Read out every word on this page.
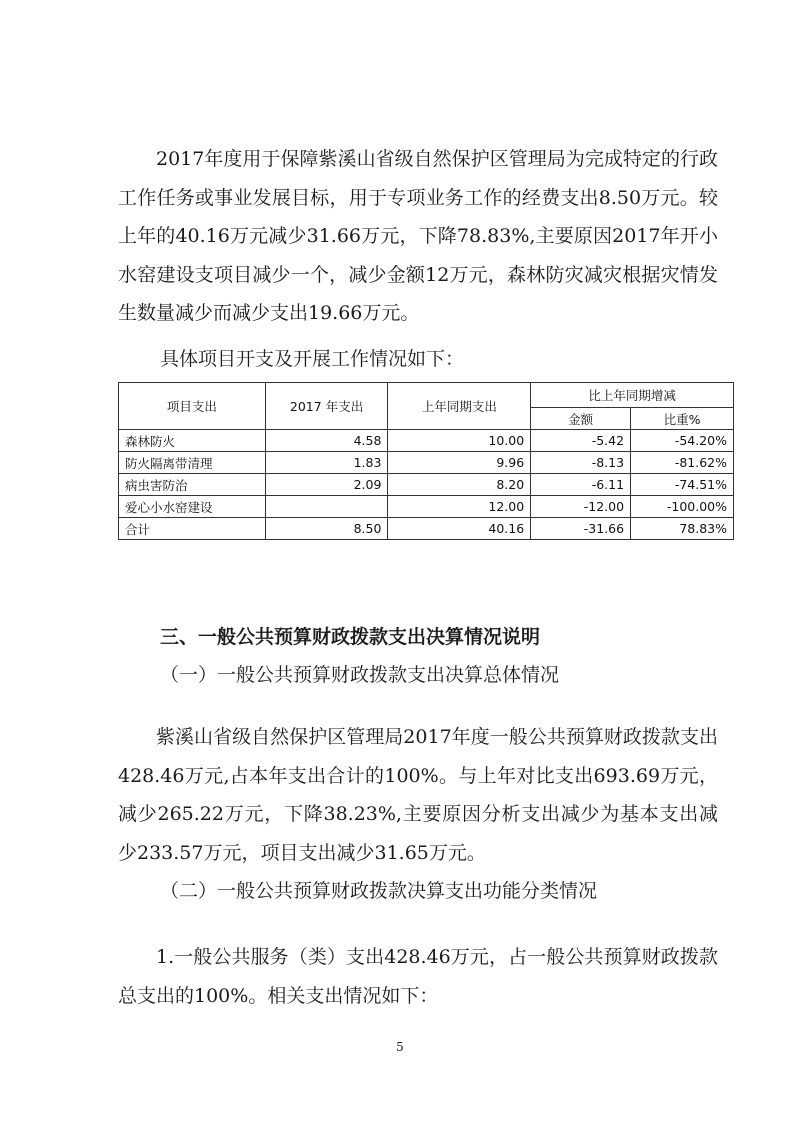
2017年度用于保障紫溪山省级自然保护区管理局为完成特定的行政工作任务或事业发展目标，用于专项业务工作的经费支出8.50万元。较上年的40.16万元减少31.66万元，下降78.83%,主要原因2017年开小水窑建设支项目减少一个，减少金额12万元，森林防灾减灾根据灾情发生数量减少而减少支出19.66万元。

具体项目开支及开展工作情况如下：

项目支出	2017 年支出	上年同期支出	比上年同期增减	
			金额	比重%
森林防火	4.58	10.00	-5.42	-54.20%
防火隔离带清理	1.83	9.96	-8.13	-81.62%
病虫害防治	2.09	8.20	-6.11	-74.51%
爱心小水窑建设		12.00	-12.00	-100.00%
合计	8.50	40.16	-31.66	78.83%
三、一般公共预算财政拨款支出决算情况说明

（一）一般公共预算财政拨款支出决算总体情况

紫溪山省级自然保护区管理局2017年度一般公共预算财政拨款支出428.46万元,占本年支出合计的100%。与上年对比支出693.69万元，减少265.22万元，下降38.23%,主要原因分析支出减少为基本支出减少233.57万元，项目支出减少31.65万元。

（二）一般公共预算财政拨款决算支出功能分类情况

1.一般公共服务（类）支出428.46万元，占一般公共预算财政拨款总支出的100%。相关支出情况如下：

5
